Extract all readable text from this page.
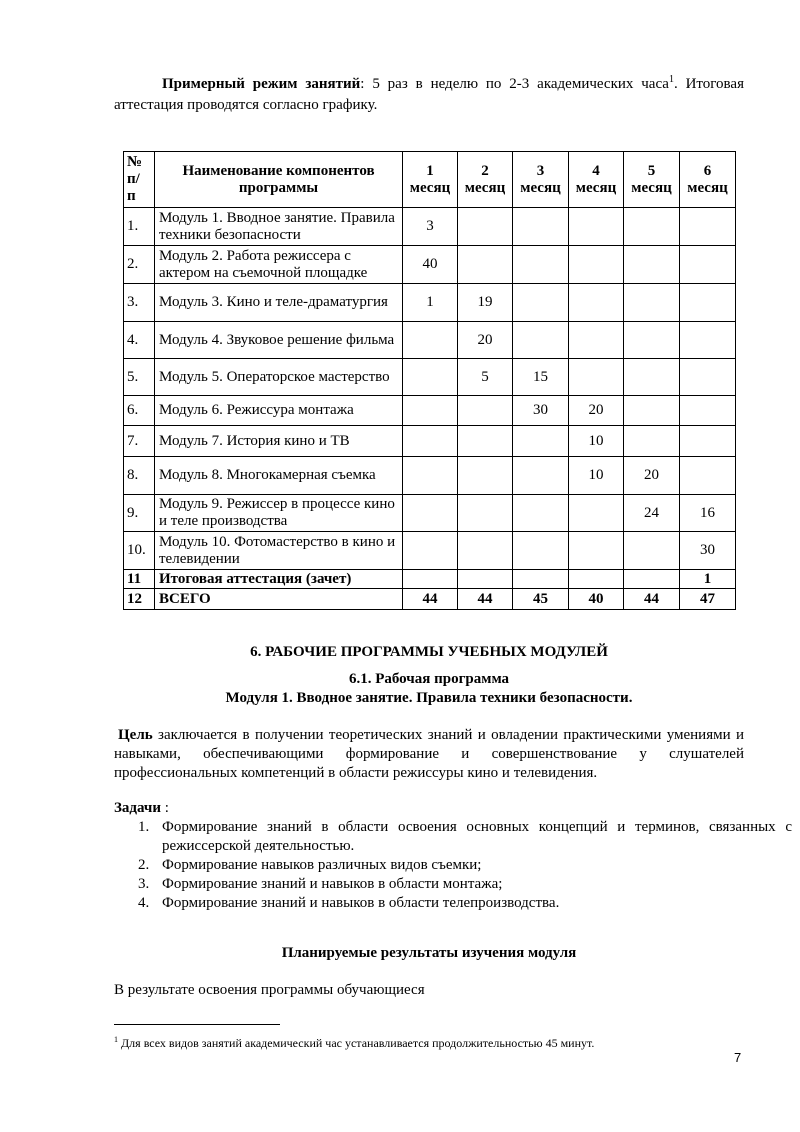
Примерный режим занятий: 5 раз в неделю по 2-3 академических часа$^1$. Итоговая аттестация проводятся согласно графику.
№ п/ п	Наименование компонентов программы	1 месяц	2 месяц	3 месяц	4 месяц	5 месяц	6 месяц
1.	Модуль 1. Вводное занятие. Правила техники безопасности	3					
2.	Модуль 2. Работа режиссера с актером на съемочной площадке	40					
3.	Модуль 3. Кино и теле-драматургия	1	19				
4.	Модуль 4. Звуковое решение фильма		20				
5.	Модуль 5. Операторское мастерство		5	15			
6.	Модуль 6. Режиссура монтажа			30	20		
7.	Модуль 7. История кино и ТВ				10		
8.	Модуль 8. Многокамерная съемка				10	20	
9.	Модуль 9. Режиссер в процессе кино и теле производства					24	16
10.	Модуль 10. Фотомастерство в кино и телевидении						30
11	Итоговая аттестация (зачет)						1
12	ВСЕГО	44	44	45	40	44	47
6. РАБОЧИЕ ПРОГРАММЫ УЧЕБНЫХ МОДУЛЕЙ
6.1. Рабочая программа
Модуля 1. Вводное занятие. Правила техники безопасности.
Цель заключается в получении теоретических знаний и овладении практическими умениями и навыками, обеспечивающими формирование и совершенствование у слушателей профессиональных компетенций в области режиссуры кино и телевидения.
Задачи :
1. Формирование знаний в области освоения основных концепций и терминов, связанных с режиссерской деятельностью.
2. Формирование навыков различных видов съемки;
3. Формирование знаний и навыков в области монтажа;
4. Формирование знаний и навыков в области телепроизводства.
Планируемые результаты изучения модуля
В результате освоения программы обучающиеся
$^1$ Для всех видов занятий академический час устанавливается продолжительностью 45 минут.
7
